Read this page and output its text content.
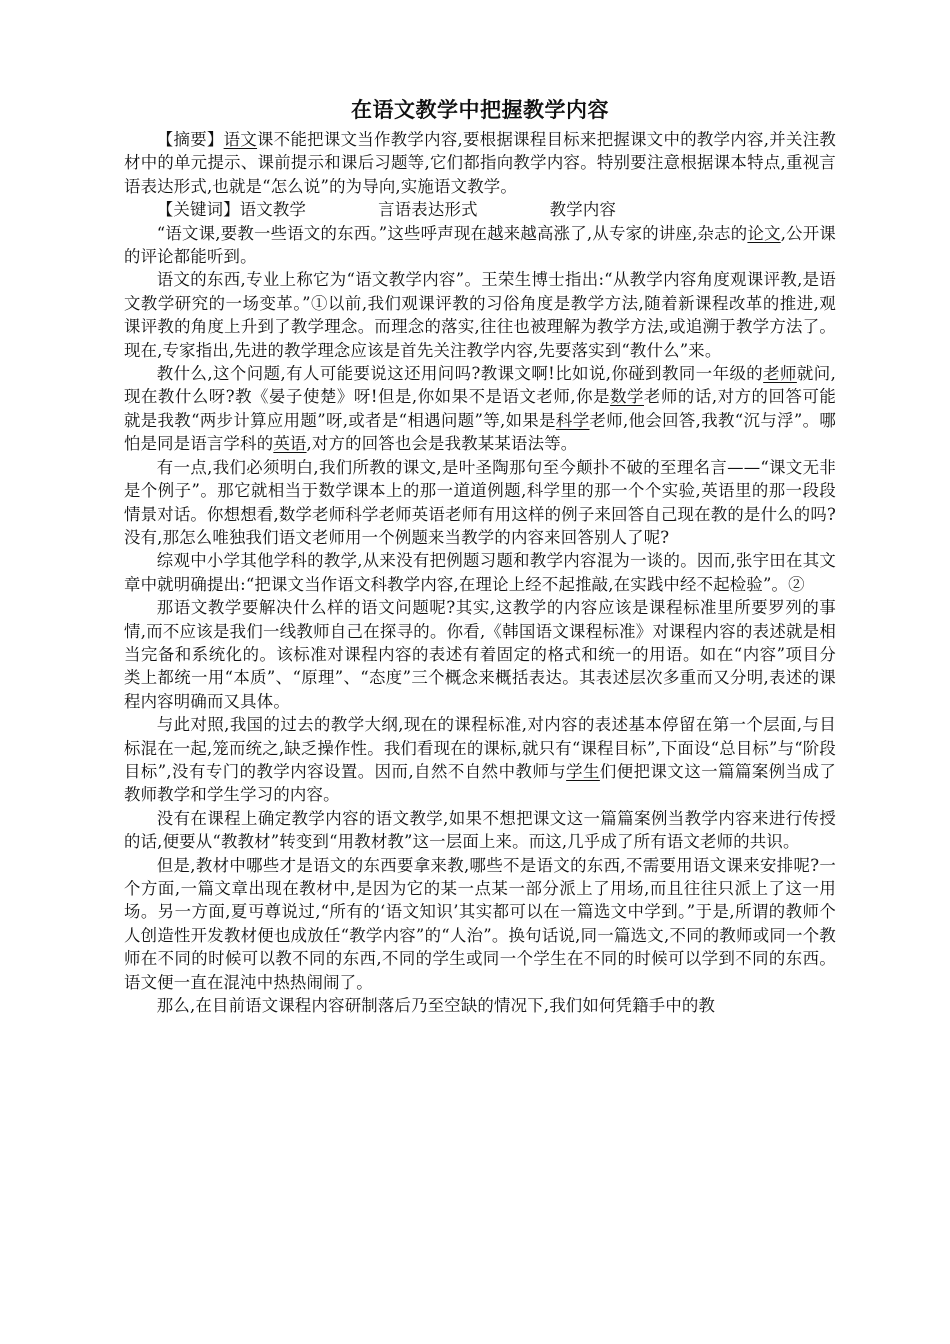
在语文教学中把握教学内容

【摘要】语文课不能把课文当作教学内容,要根据课程目标来把握课文中的教学内容,并关注教材中的单元提示、课前提示和课后习题等,它们都指向教学内容。特别要注意根据课本特点,重视言语表达形式,也就是“怎么说”的为导向,实施语文教学。

【关键词】语文教学	言语表达形式	教学内容

“语文课,要教一些语文的东西。”这些呼声现在越来越高涨了,从专家的讲座,杂志的论文,公开课的评论都能听到。

语文的东西,专业上称它为“语文教学内容”。王荣生博士指出:“从教学内容角度观课评教,是语文教学研究的一场变革。”①以前,我们观课评教的习俗角度是教学方法,随着新课程改革的推进,观课评教的角度上升到了教学理念。而理念的落实,往往也被理解为教学方法,或追溯于教学方法了。现在,专家指出,先进的教学理念应该是首先关注教学内容,先要落实到“教什么”来。

教什么,这个问题,有人可能要说这还用问吗?教课文啊!比如说,你碰到教同一年级的老师就问,现在教什么呀?教《晏子使楚》呀!但是,你如果不是语文老师,你是数学老师的话,对方的回答可能就是我教“两步计算应用题”呀,或者是“相遇问题”等,如果是科学老师,他会回答,我教“沉与浮”。哪怕是同是语言学科的英语,对方的回答也会是我教某某语法等。

有一点,我们必须明白,我们所教的课文,是叶圣陶那句至今颠扑不破的至理名言——“课文无非是个例子”。那它就相当于数学课本上的那一道道例题,科学里的那一个个实验,英语里的那一段段情景对话。你想想看,数学老师科学老师英语老师有用这样的例子来回答自己现在教的是什么的吗?没有,那怎么唯独我们语文老师用一个例题来当教学的内容来回答别人了呢?

综观中小学其他学科的教学,从来没有把例题习题和教学内容混为一谈的。因而,张宇田在其文章中就明确提出:“把课文当作语文科教学内容,在理论上经不起推敲,在实践中经不起检验”。②

那语文教学要解决什么样的语文问题呢?其实,这教学的内容应该是课程标准里所要罗列的事情,而不应该是我们一线教师自己在探寻的。你看,《韩国语文课程标准》对课程内容的表述就是相当完备和系统化的。该标准对课程内容的表述有着固定的格式和统一的用语。如在“内容”项目分类上都统一用“本质”、“原理”、“态度”三个概念来概括表达。其表述层次多重而又分明,表述的课程内容明确而又具体。

与此对照,我国的过去的教学大纲,现在的课程标准,对内容的表述基本停留在第一个层面,与目标混在一起,笼而统之,缺乏操作性。我们看现在的课标,就只有“课程目标”,下面设“总目标”与“阶段目标”,没有专门的教学内容设置。因而,自然不自然中教师与学生们便把课文这一篇篇案例当成了教师教学和学生学习的内容。

没有在课程上确定教学内容的语文教学,如果不想把课文这一篇篇案例当教学内容来进行传授的话,便要从“教教材”转变到“用教材教”这一层面上来。而这,几乎成了所有语文老师的共识。

但是,教材中哪些才是语文的东西要拿来教,哪些不是语文的东西,不需要用语文课来安排呢?一个方面,一篇文章出现在教材中,是因为它的某一点某一部分派上了用场,而且往往只派上了这一用场。另一方面,夏丏尊说过,“所有的‘语文知识’其实都可以在一篇选文中学到。”于是,所谓的教师个人创造性开发教材便也成放任“教学内容”的“人治”。换句话说,同一篇选文,不同的教师或同一个教师在不同的时候可以教不同的东西,不同的学生或同一个学生在不同的时候可以学到不同的东西。语文便一直在混沌中热热闹闹了。

那么,在目前语文课程内容研制落后乃至空缺的情况下,我们如何凭籍手中的教
